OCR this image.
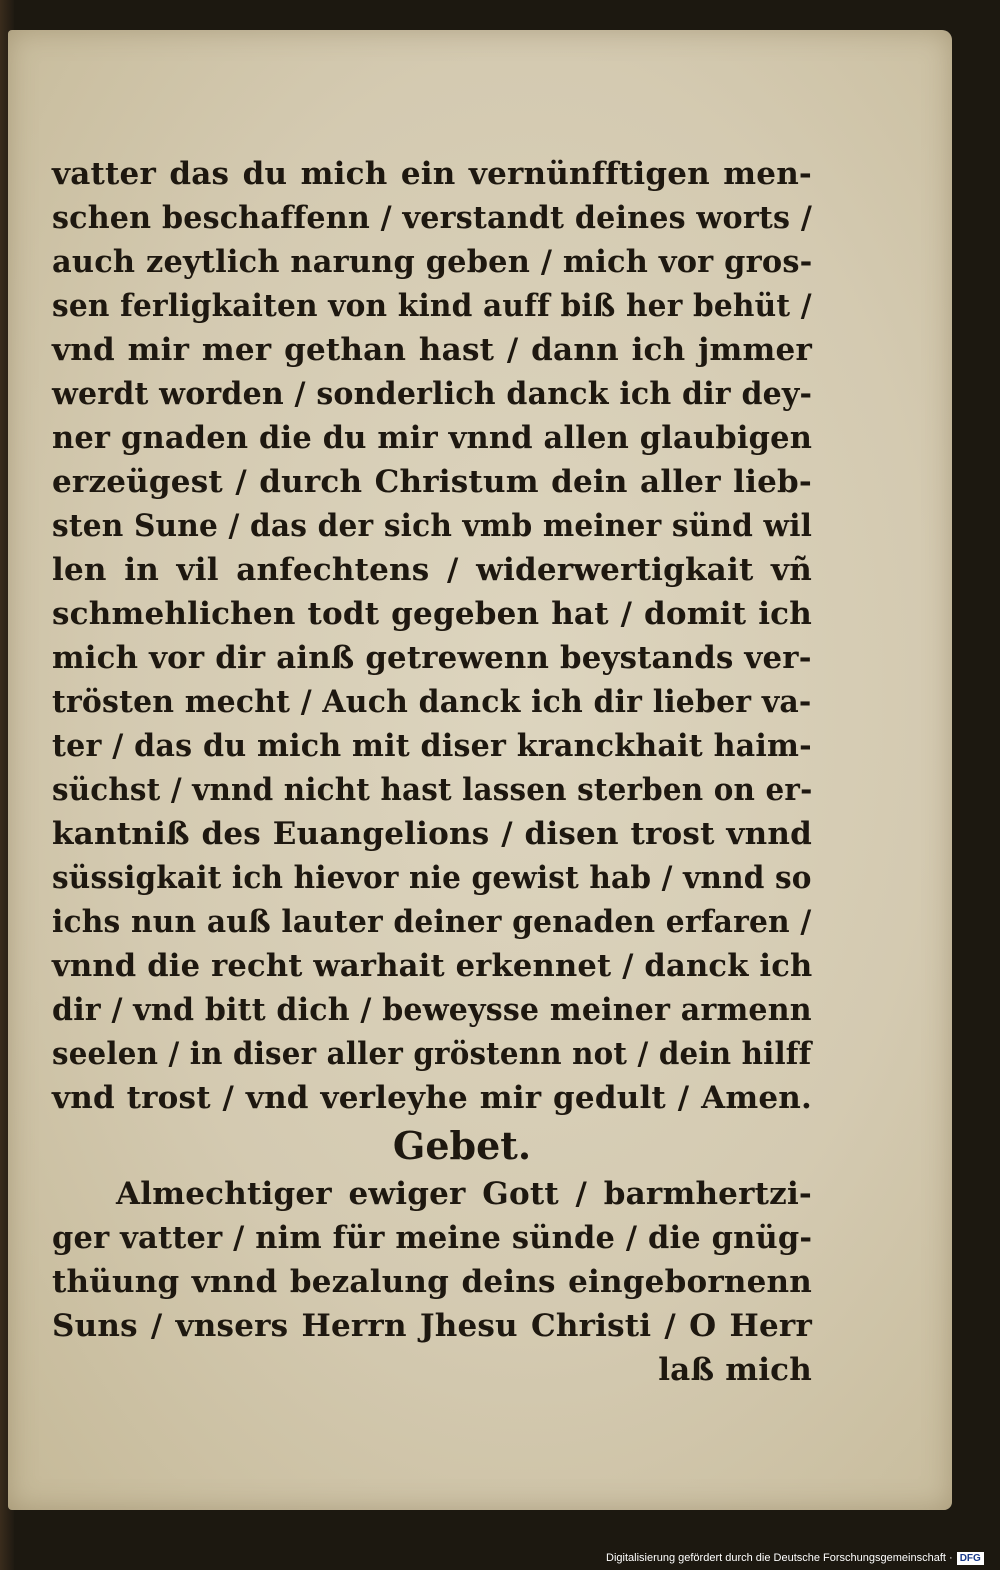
vatter das du mich ein vernünfftigen men-
schen beschaffenn / verstandt deines worts /
auch zeytlich narung geben / mich vor gros-
sen ferligkaiten von kind auff biß her behüt /
vnd mir mer gethan hast / dann ich jmmer
werdt worden / sonderlich danck ich dir dey-
ner gnaden die du mir vnnd allen glaubigen
erzeügest / durch Christum dein aller lieb-
sten Sune / das der sich vmb meiner sünd wil
len in vil anfechtens / widerwertigkait vñ
schmehlichen todt gegeben hat / domit ich
mich vor dir ainß getrewenn beystands ver-
trösten mecht / Auch danck ich dir lieber va-
ter / das du mich mit diser kranckhait haim-
süchst / vnnd nicht hast lassen sterben on er-
kantniß des Euangelions / disen trost vnnd
süssigkait ich hievor nie gewist hab / vnnd so
ichs nun auß lauter deiner genaden erfaren /
vnnd die recht warhait erkennet / danck ich
dir / vnd bitt dich / beweysse meiner armenn
seelen / in diser aller gröstenn not / dein hilff
vnd trost / vnd verleyhe mir gedult / Amen.
Gebet.
Almechtiger ewiger Gott / barmhertzi-
ger vatter / nim für meine sünde / die gnüg-
thüung vnnd bezalung deins eingebornenn
Suns / vnsers Herrn Jhesu Christi / O Herr
laß mich
Digitalisierung gefördert durch die Deutsche Forschungsgemeinschaft · DFG
